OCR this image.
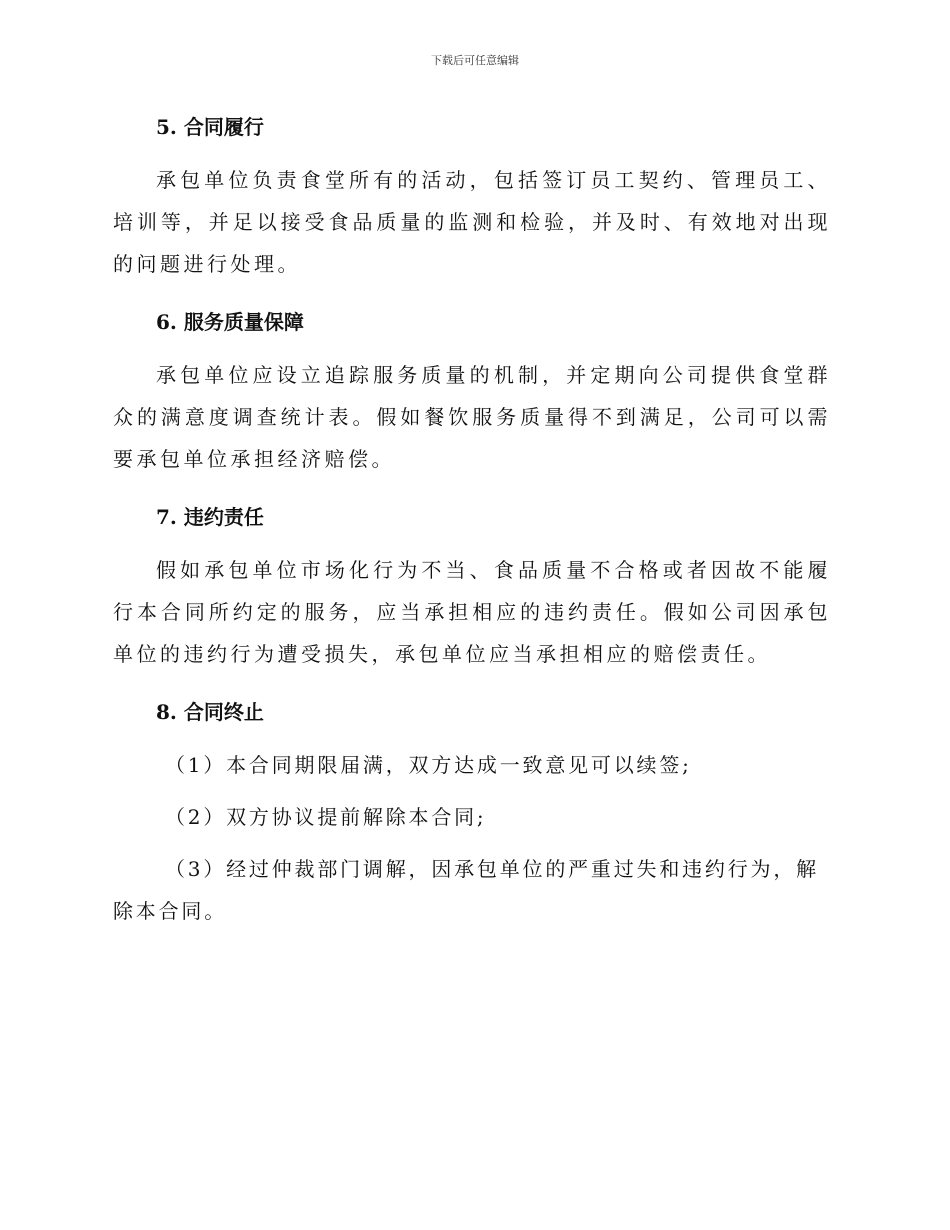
下载后可任意编辑
5. 合同履行

承包单位负责食堂所有的活动，包括签订员工契约、管理员工、培训等，并足以接受食品质量的监测和检验，并及时、有效地对出现的问题进行处理。

6. 服务质量保障

承包单位应设立追踪服务质量的机制，并定期向公司提供食堂群众的满意度调查统计表。假如餐饮服务质量得不到满足，公司可以需要承包单位承担经济赔偿。

7. 违约责任

假如承包单位市场化行为不当、食品质量不合格或者因故不能履行本合同所约定的服务，应当承担相应的违约责任。假如公司因承包单位的违约行为遭受损失，承包单位应当承担相应的赔偿责任。

8. 合同终止

（1）本合同期限届满，双方达成一致意见可以续签;

（2）双方协议提前解除本合同;

（3）经过仲裁部门调解，因承包单位的严重过失和违约行为，解除本合同。
